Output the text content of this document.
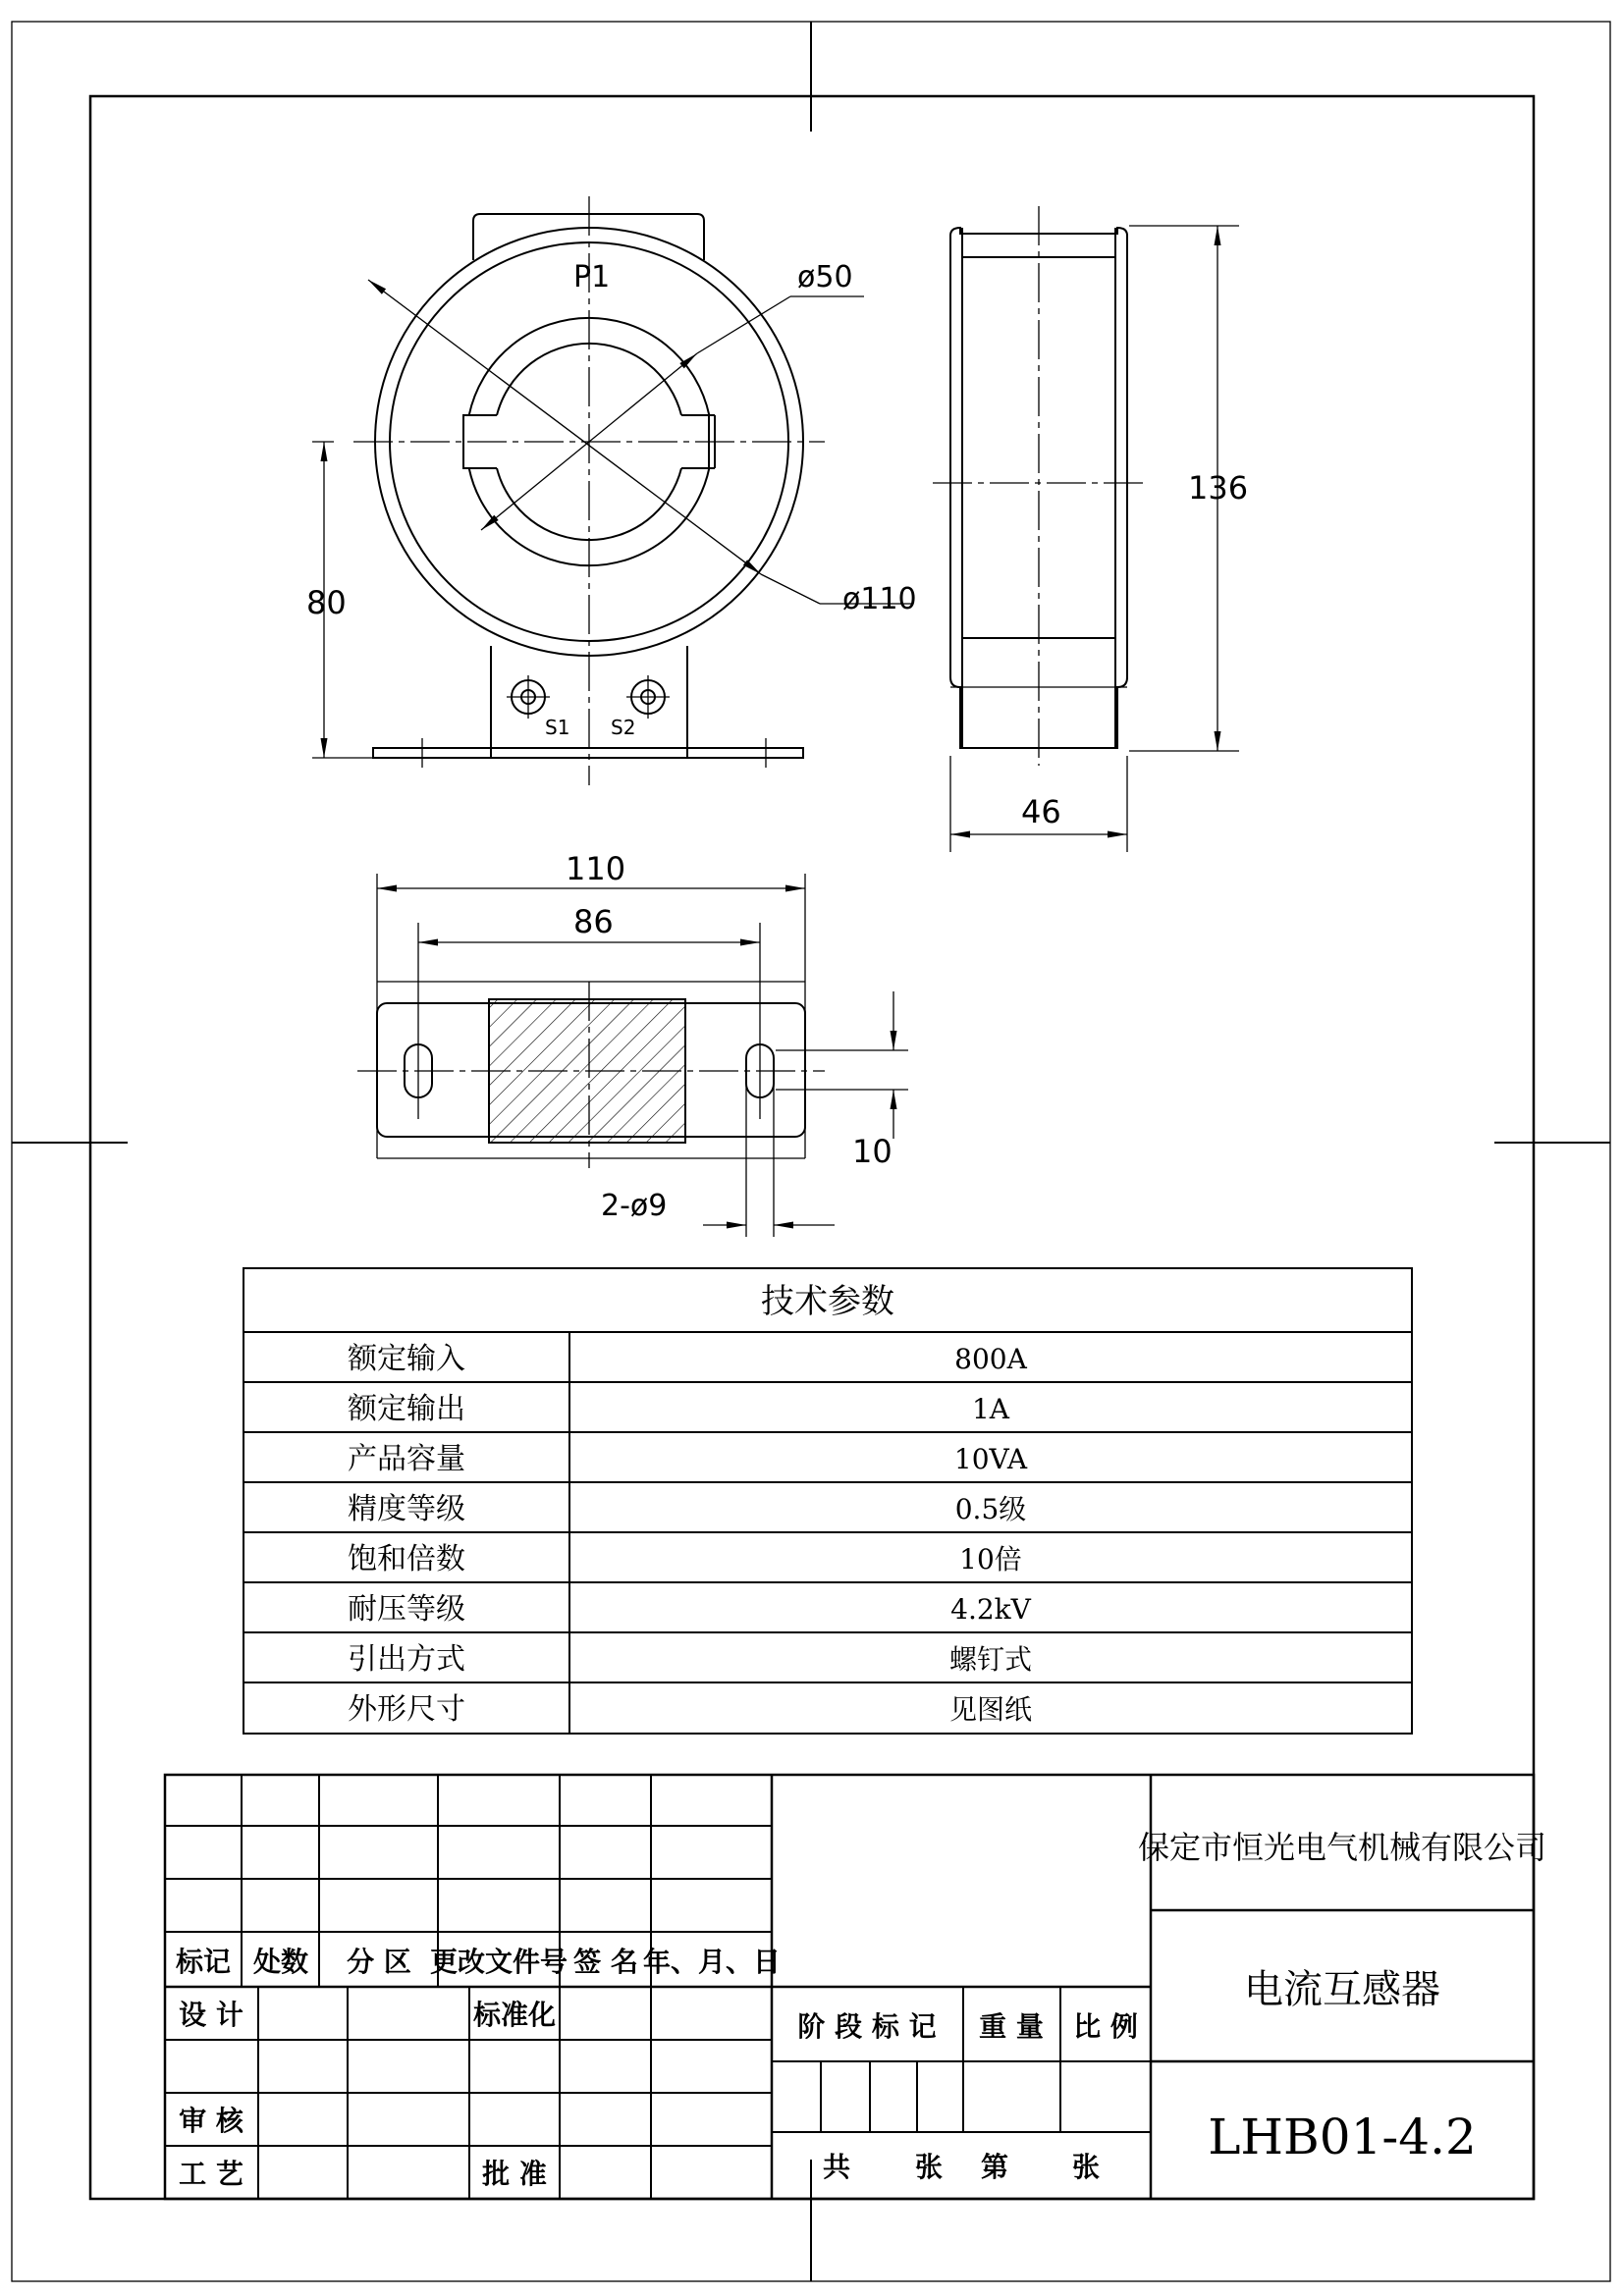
P1
S1 S2
ø50
ø110
80
136
46
110
86
10
2-ø9
技术参数
额定输入	800A
额定输出	1A
产品容量	10VA
精度等级	0.5级
饱和倍数	10倍
耐压等级	4.2kV
引出方式	螺钉式
外形尺寸	见图纸
保定市恒光电气机械有限公司
电流互感器
LHB01-4.2
标记 处数 分 区 更改文件号 签 名 年、月、日
设 计	标准化
审 核
工 艺	批 准
阶 段 标 记 重 量 比 例
共 张 第 张
